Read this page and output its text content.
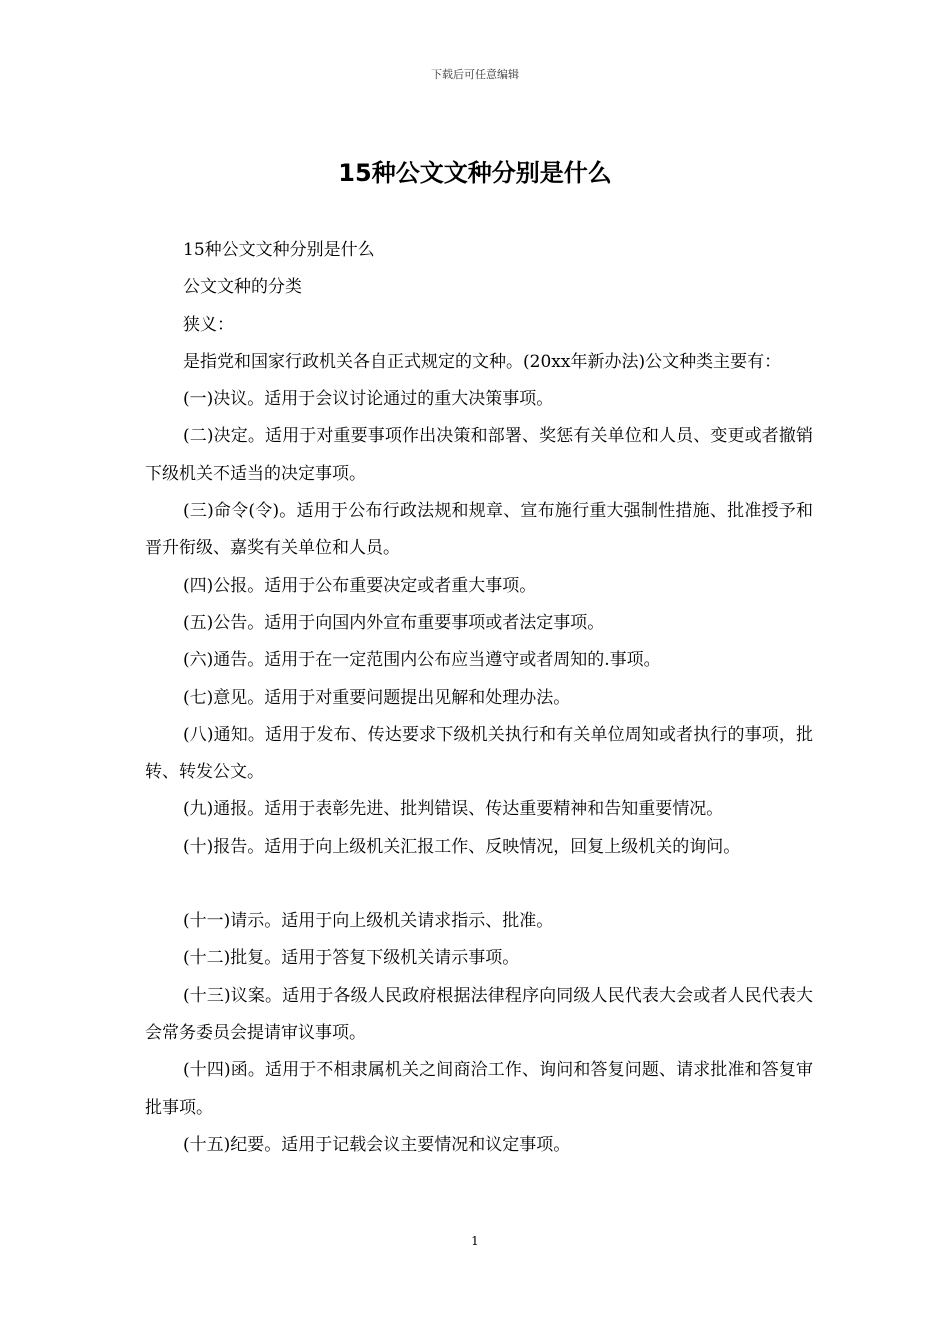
下载后可任意编辑
15种公文文种分别是什么

15种公文文种分别是什么

公文文种的分类

狭义：

是指党和国家行政机关各自正式规定的文种。(20xx年新办法)公文种类主要有：

(一)决议。适用于会议讨论通过的重大决策事项。

(二)决定。适用于对重要事项作出决策和部署、奖惩有关单位和人员、变更或者撤销下级机关不适当的决定事项。

(三)命令(令)。适用于公布行政法规和规章、宣布施行重大强制性措施、批准授予和晋升衔级、嘉奖有关单位和人员。

(四)公报。适用于公布重要决定或者重大事项。

(五)公告。适用于向国内外宣布重要事项或者法定事项。

(六)通告。适用于在一定范围内公布应当遵守或者周知的.事项。

(七)意见。适用于对重要问题提出见解和处理办法。

(八)通知。适用于发布、传达要求下级机关执行和有关单位周知或者执行的事项，批转、转发公文。

(九)通报。适用于表彰先进、批判错误、传达重要精神和告知重要情况。

(十)报告。适用于向上级机关汇报工作、反映情况，回复上级机关的询问。

(十一)请示。适用于向上级机关请求指示、批准。

(十二)批复。适用于答复下级机关请示事项。

(十三)议案。适用于各级人民政府根据法律程序向同级人民代表大会或者人民代表大会常务委员会提请审议事项。

(十四)函。适用于不相隶属机关之间商洽工作、询问和答复问题、请求批准和答复审批事项。

(十五)纪要。适用于记载会议主要情况和议定事项。

1
